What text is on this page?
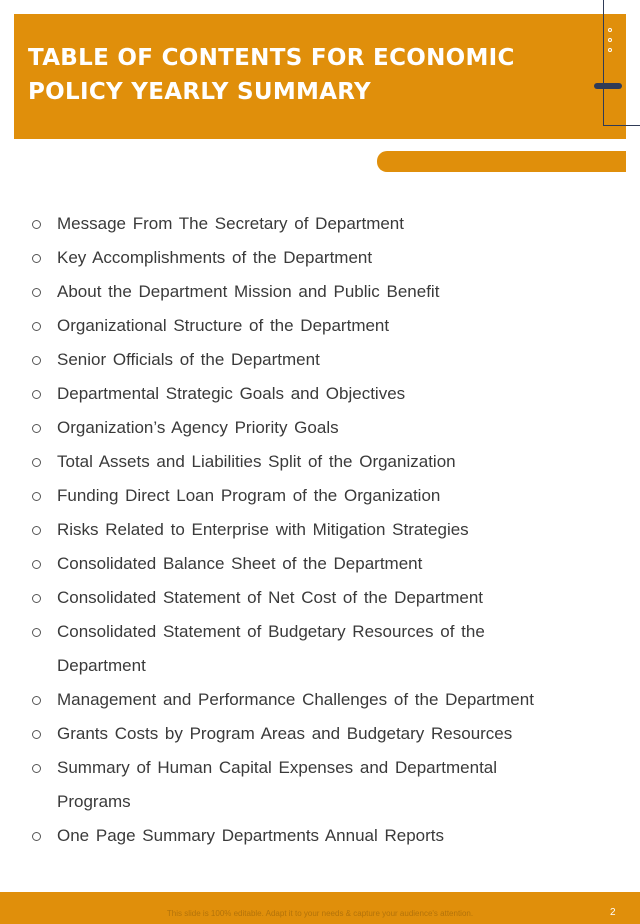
TABLE OF CONTENTS FOR ECONOMIC POLICY YEARLY SUMMARY
Message From The Secretary of Department
Key Accomplishments of the Department
About the Department Mission and Public Benefit
Organizational Structure of the Department
Senior Officials of the Department
Departmental Strategic Goals and Objectives
Organization’s Agency Priority Goals
Total Assets and Liabilities Split of the Organization
Funding Direct Loan Program of the Organization
Risks Related to Enterprise with Mitigation Strategies
Consolidated Balance Sheet of the Department
Consolidated Statement of Net Cost of the Department
Consolidated Statement of Budgetary Resources of the Department
Management and Performance Challenges of the Department
Grants Costs by Program Areas and Budgetary Resources
Summary of Human Capital Expenses and Departmental Programs
One Page Summary Departments Annual Reports
This slide is 100% editable. Adapt it to your needs & capture your audience's attention.	2
